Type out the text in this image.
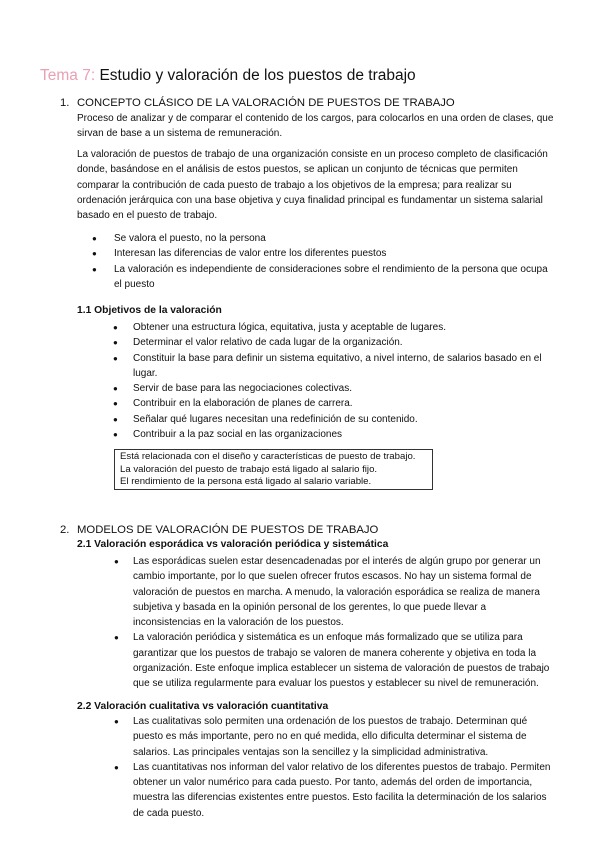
Tema 7: Estudio y valoración de los puestos de trabajo
1. CONCEPTO CLÁSICO DE LA VALORACIÓN DE PUESTOS DE TRABAJO

Proceso de analizar y de comparar el contenido de los cargos, para colocarlos en una orden de clases, que sirvan de base a un sistema de remuneración.

La valoración de puestos de trabajo de una organización consiste en un proceso completo de clasificación donde, basándose en el análisis de estos puestos, se aplican un conjunto de técnicas que permiten comparar la contribución de cada puesto de trabajo a los objetivos de la empresa; para realizar su ordenación jerárquica con una base objetiva y cuya finalidad principal es fundamentar un sistema salarial basado en el puesto de trabajo.

● Se valora el puesto, no la persona
● Interesan las diferencias de valor entre los diferentes puestos
● La valoración es independiente de consideraciones sobre el rendimiento de la persona que ocupa el puesto
1.1 Objetivos de la valoración
● Obtener una estructura lógica, equitativa, justa y aceptable de lugares.
● Determinar el valor relativo de cada lugar de la organización.
● Constituir la base para definir un sistema equitativo, a nivel interno, de salarios basado en el lugar.
● Servir de base para las negociaciones colectivas.
● Contribuir en la elaboración de planes de carrera.
● Señalar qué lugares necesitan una redefinición de su contenido.
● Contribuir a la paz social en las organizaciones
Está relacionada con el diseño y características de puesto de trabajo.
La valoración del puesto de trabajo está ligado al salario fijo.
El rendimiento de la persona está ligado al salario variable.
2. MODELOS DE VALORACIÓN DE PUESTOS DE TRABAJO
2.1 Valoración esporádica vs valoración periódica y sistemática
● Las esporádicas suelen estar desencadenadas por el interés de algún grupo por generar un cambio importante, por lo que suelen ofrecer frutos escasos. No hay un sistema formal de valoración de puestos en marcha. A menudo, la valoración esporádica se realiza de manera subjetiva y basada en la opinión personal de los gerentes, lo que puede llevar a inconsistencias en la valoración de los puestos.
● La valoración periódica y sistemática es un enfoque más formalizado que se utiliza para garantizar que los puestos de trabajo se valoren de manera coherente y objetiva en toda la organización. Este enfoque implica establecer un sistema de valoración de puestos de trabajo que se utiliza regularmente para evaluar los puestos y establecer su nivel de remuneración.
2.2 Valoración cualitativa vs valoración cuantitativa
● Las cualitativas solo permiten una ordenación de los puestos de trabajo. Determinan qué puesto es más importante, pero no en qué medida, ello dificulta determinar el sistema de salarios. Las principales ventajas son la sencillez y la simplicidad administrativa.
● Las cuantitativas nos informan del valor relativo de los diferentes puestos de trabajo. Permiten obtener un valor numérico para cada puesto. Por tanto, además del orden de importancia, muestra las diferencias existentes entre puestos. Esto facilita la determinación de los salarios de cada puesto.
